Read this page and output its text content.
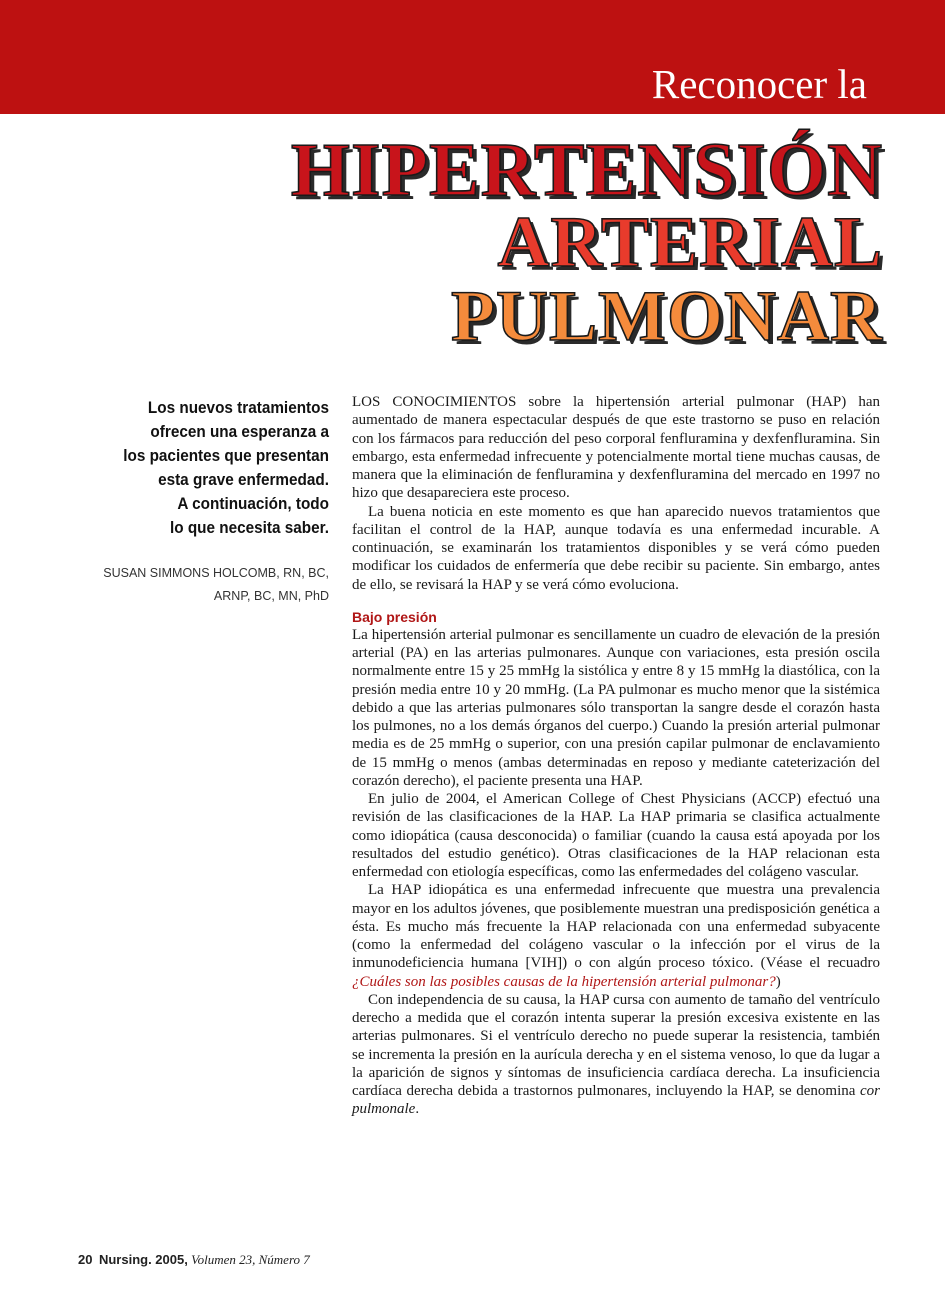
Reconocer la
HIPERTENSIÓN
ARTERIAL
PULMONAR
Los nuevos tratamientos
ofrecen una esperanza a
los pacientes que presentan
esta grave enfermedad.
A continuación, todo
lo que necesita saber.
SUSAN SIMMONS HOLCOMB, RN, BC,
ARNP, BC, MN, PhD

LOS CONOCIMIENTOS sobre la hipertensión arterial pulmonar (HAP) han aumentado de manera espectacular después de que este trastorno se puso en relación con los fármacos para reducción del peso corporal fenfluramina y dexfenfluramina. Sin embargo, esta enfermedad infrecuente y potencialmente mortal tiene muchas causas, de manera que la eliminación de fenfluramina y dexfenfluramina del mercado en 1997 no hizo que desapareciera este proceso.

La buena noticia en este momento es que han aparecido nuevos tratamientos que facilitan el control de la HAP, aunque todavía es una enfermedad incurable. A continuación, se examinarán los tratamientos disponibles y se verá cómo pueden modificar los cuidados de enfermería que debe recibir su paciente. Sin embargo, antes de ello, se revisará la HAP y se verá cómo evoluciona.

Bajo presión

La hipertensión arterial pulmonar es sencillamente un cuadro de elevación de la presión arterial (PA) en las arterias pulmonares. Aunque con variaciones, esta presión oscila normalmente entre 15 y 25 mmHg la sistólica y entre 8 y 15 mmHg la diastólica, con la presión media entre 10 y 20 mmHg. (La PA pulmonar es mucho menor que la sistémica debido a que las arterias pulmonares sólo transportan la sangre desde el corazón hasta los pulmones, no a los demás órganos del cuerpo.) Cuando la presión arterial pulmonar media es de 25 mmHg o superior, con una presión capilar pulmonar de enclavamiento de 15 mmHg o menos (ambas determinadas en reposo y mediante cateterización del corazón derecho), el paciente presenta una HAP.

En julio de 2004, el American College of Chest Physicians (ACCP) efectuó una revisión de las clasificaciones de la HAP. La HAP primaria se clasifica actualmente como idiopática (causa desconocida) o familiar (cuando la causa está apoyada por los resultados del estudio genético). Otras clasificaciones de la HAP relacionan esta enfermedad con etiología específicas, como las enfermedades del colágeno vascular.

La HAP idiopática es una enfermedad infrecuente que muestra una prevalencia mayor en los adultos jóvenes, que posiblemente muestran una predisposición genética a ésta. Es mucho más frecuente la HAP relacionada con una enfermedad subyacente (como la enfermedad del colágeno vascular o la infección por el virus de la inmunodeficiencia humana [VIH]) o con algún proceso tóxico. (Véase el recuadro ¿Cuáles son las posibles causas de la hipertensión arterial pulmonar?)

Con independencia de su causa, la HAP cursa con aumento de tamaño del ventrículo derecho a medida que el corazón intenta superar la presión excesiva existente en las arterias pulmonares. Si el ventrículo derecho no puede superar la resistencia, también se incrementa la presión en la aurícula derecha y en el sistema venoso, lo que da lugar a la aparición de signos y síntomas de insuficiencia cardíaca derecha. La insuficiencia cardíaca derecha debida a trastornos pulmonares, incluyendo la HAP, se denomina cor pulmonale.

20 Nursing. 2005, Volumen 23, Número 7
